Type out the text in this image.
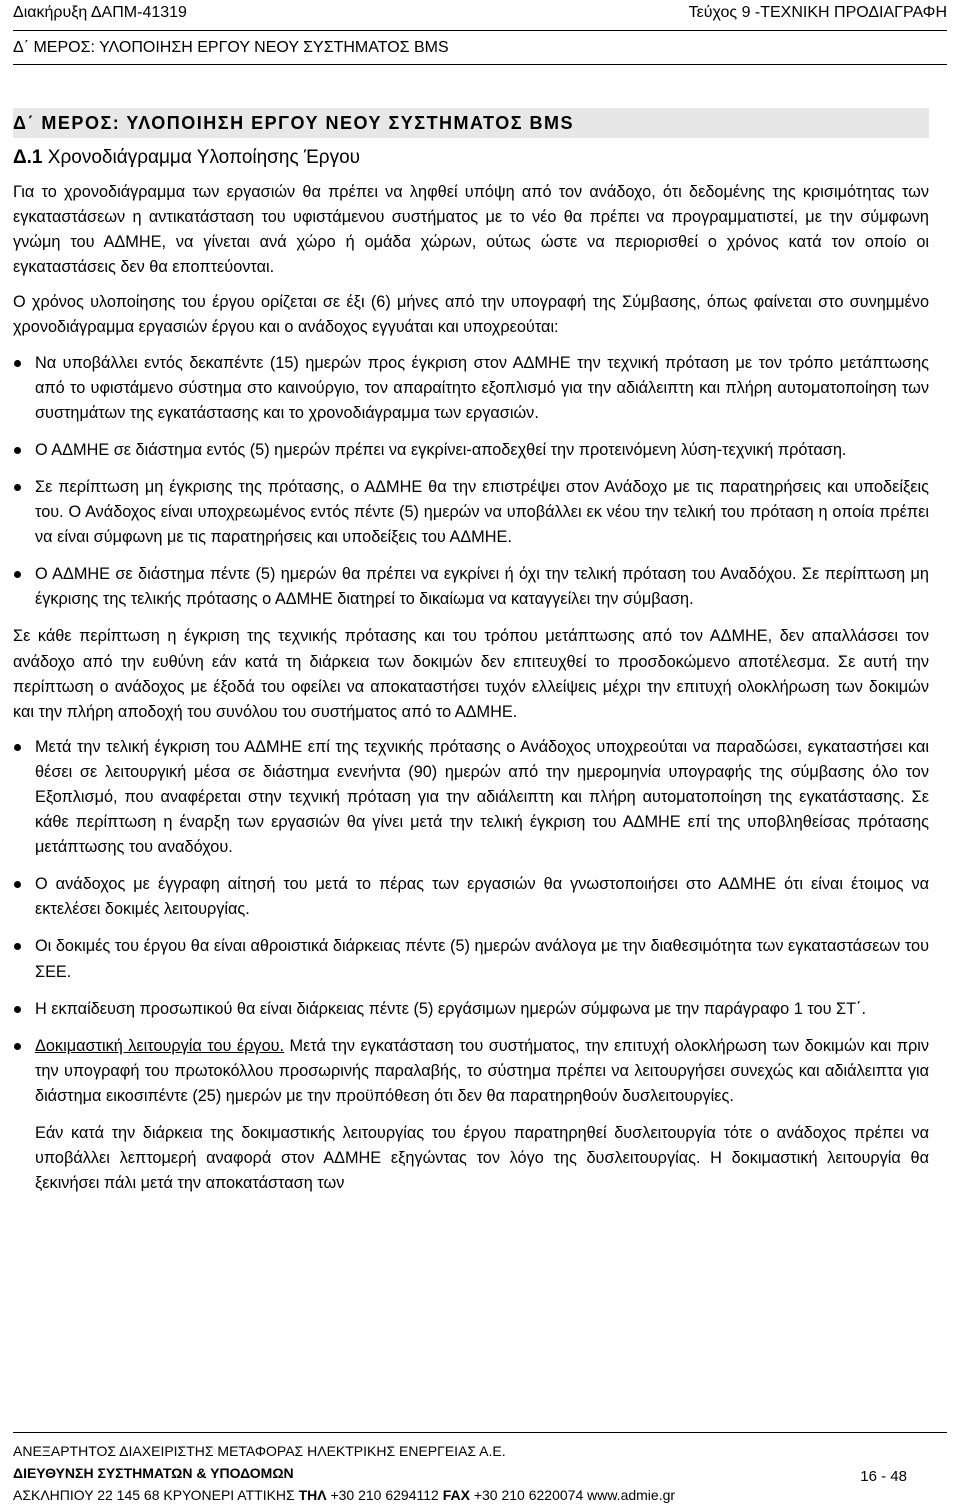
Διακήρυξη ΔΑΠΜ-41319	Τεύχος 9 -ΤΕΧΝΙΚΗ ΠΡΟΔΙΑΓΡΑΦΗ
Δ΄ ΜΕΡΟΣ: ΥΛΟΠΟΙΗΣΗ ΕΡΓΟΥ ΝΕΟΥ ΣΥΣΤΗΜΑΤΟΣ BMS
Δ΄ ΜΕΡΟΣ: ΥΛΟΠΟΙΗΣΗ ΕΡΓΟΥ ΝΕΟΥ ΣΥΣΤΗΜΑΤΟΣ BMS
Δ.1 Χρονοδιάγραμμα Υλοποίησης Έργου

Για το χρονοδιάγραμμα των εργασιών θα πρέπει να ληφθεί υπόψη από τον ανάδοχο, ότι δεδομένης της κρισιμότητας των εγκαταστάσεων η αντικατάσταση του υφιστάμενου συστήματος με το νέο θα πρέπει να προγραμματιστεί, με την σύμφωνη γνώμη του ΑΔΜΗΕ, να γίνεται ανά χώρο ή ομάδα χώρων, ούτως ώστε να περιορισθεί ο χρόνος κατά τον οποίο οι εγκαταστάσεις δεν θα εποπτεύονται.

Ο χρόνος υλοποίησης του έργου ορίζεται σε έξι (6) μήνες από την υπογραφή της Σύμβασης, όπως φαίνεται στο συνημμένο χρονοδιάγραμμα εργασιών έργου και ο ανάδοχος εγγυάται και υποχρεούται:

Να υποβάλλει εντός δεκαπέντε (15) ημερών προς έγκριση στον ΑΔΜΗΕ την τεχνική πρόταση με τον τρόπο μετάπτωσης από το υφιστάμενο σύστημα στο καινούργιο, τον απαραίτητο εξοπλισμό για την αδιάλειπτη και πλήρη αυτοματοποίηση των συστημάτων της εγκατάστασης και το χρονοδιάγραμμα των εργασιών.
Ο ΑΔΜΗΕ σε διάστημα εντός (5) ημερών πρέπει να εγκρίνει-αποδεχθεί την προτεινόμενη λύση-τεχνική πρόταση.
Σε περίπτωση μη έγκρισης της πρότασης, ο ΑΔΜΗΕ θα την επιστρέψει στον Ανάδοχο με τις παρατηρήσεις και υποδείξεις του. Ο Ανάδοχος είναι υποχρεωμένος εντός πέντε (5) ημερών να υποβάλλει εκ νέου την τελική του πρόταση η οποία πρέπει να είναι σύμφωνη με τις παρατηρήσεις και υποδείξεις του ΑΔΜΗΕ.
Ο ΑΔΜΗΕ σε διάστημα πέντε (5) ημερών θα πρέπει να εγκρίνει ή όχι την τελική πρόταση του Αναδόχου. Σε περίπτωση μη έγκρισης της τελικής πρότασης ο ΑΔΜΗΕ διατηρεί το δικαίωμα να καταγγείλει την σύμβαση.

Σε κάθε περίπτωση η έγκριση της τεχνικής πρότασης και του τρόπου μετάπτωσης από τον ΑΔΜΗΕ, δεν απαλλάσσει τον ανάδοχο από την ευθύνη εάν κατά τη διάρκεια των δοκιμών δεν επιτευχθεί το προσδοκώμενο αποτέλεσμα. Σε αυτή την περίπτωση ο ανάδοχος με έξοδά του οφείλει να αποκαταστήσει τυχόν ελλείψεις μέχρι την επιτυχή ολοκλήρωση των δοκιμών και την πλήρη αποδοχή του συνόλου του συστήματος από το ΑΔΜΗΕ.

Μετά την τελική έγκριση του ΑΔΜΗΕ επί της τεχνικής πρότασης ο Ανάδοχος υποχρεούται να παραδώσει, εγκαταστήσει και θέσει σε λειτουργική μέσα σε διάστημα ενενήντα (90) ημερών από την ημερομηνία υπογραφής της σύμβασης όλο τον Εξοπλισμό, που αναφέρεται στην τεχνική πρόταση για την αδιάλειπτη και πλήρη αυτοματοποίηση της εγκατάστασης. Σε κάθε περίπτωση η έναρξη των εργασιών θα γίνει μετά την τελική έγκριση του ΑΔΜΗΕ επί της υποβληθείσας πρότασης μετάπτωσης του αναδόχου.
Ο ανάδοχος με έγγραφη αίτησή του μετά το πέρας των εργασιών θα γνωστοποιήσει στο ΑΔΜΗΕ ότι είναι έτοιμος να εκτελέσει δοκιμές λειτουργίας.
Οι δοκιμές του έργου θα είναι αθροιστικά διάρκειας πέντε (5) ημερών ανάλογα με την διαθεσιμότητα των εγκαταστάσεων του ΣΕΕ.
Η εκπαίδευση προσωπικού θα είναι διάρκειας πέντε (5) εργάσιμων ημερών σύμφωνα με την παράγραφο 1 του ΣΤ΄.
Δοκιμαστική λειτουργία του έργου. Μετά την εγκατάσταση του συστήματος, την επιτυχή ολοκλήρωση των δοκιμών και πριν την υπογραφή του πρωτοκόλλου προσωρινής παραλαβής, το σύστημα πρέπει να λειτουργήσει συνεχώς και αδιάλειπτα για διάστημα εικοσιπέντε (25) ημερών με την προϋπόθεση ότι δεν θα παρατηρηθούν δυσλειτουργίες.

Εάν κατά την διάρκεια της δοκιμαστικής λειτουργίας του έργου παρατηρηθεί δυσλειτουργία τότε ο ανάδοχος πρέπει να υποβάλλει λεπτομερή αναφορά στον ΑΔΜΗΕ εξηγώντας τον λόγο της δυσλειτουργίας. Η δοκιμαστική λειτουργία θα ξεκινήσει πάλι μετά την αποκατάσταση των

ΑΝΕΞΑΡΤΗΤΟΣ ΔΙΑΧΕΙΡΙΣΤΗΣ ΜΕΤΑΦΟΡΑΣ ΗΛΕΚΤΡΙΚΗΣ ΕΝΕΡΓΕΙΑΣ Α.Ε.
ΔΙΕΥΘΥΝΣΗ ΣΥΣΤΗΜΑΤΩΝ & ΥΠΟΔΟΜΩΝ
ΑΣΚΛΗΠΙΟΥ 22 145 68 ΚΡΥΟΝΕΡΙ ΑΤΤΙΚΗΣ ΤΗΛ +30 210 6294112 FAX +30 210 6220074 www.admie.gr
16 - 48
